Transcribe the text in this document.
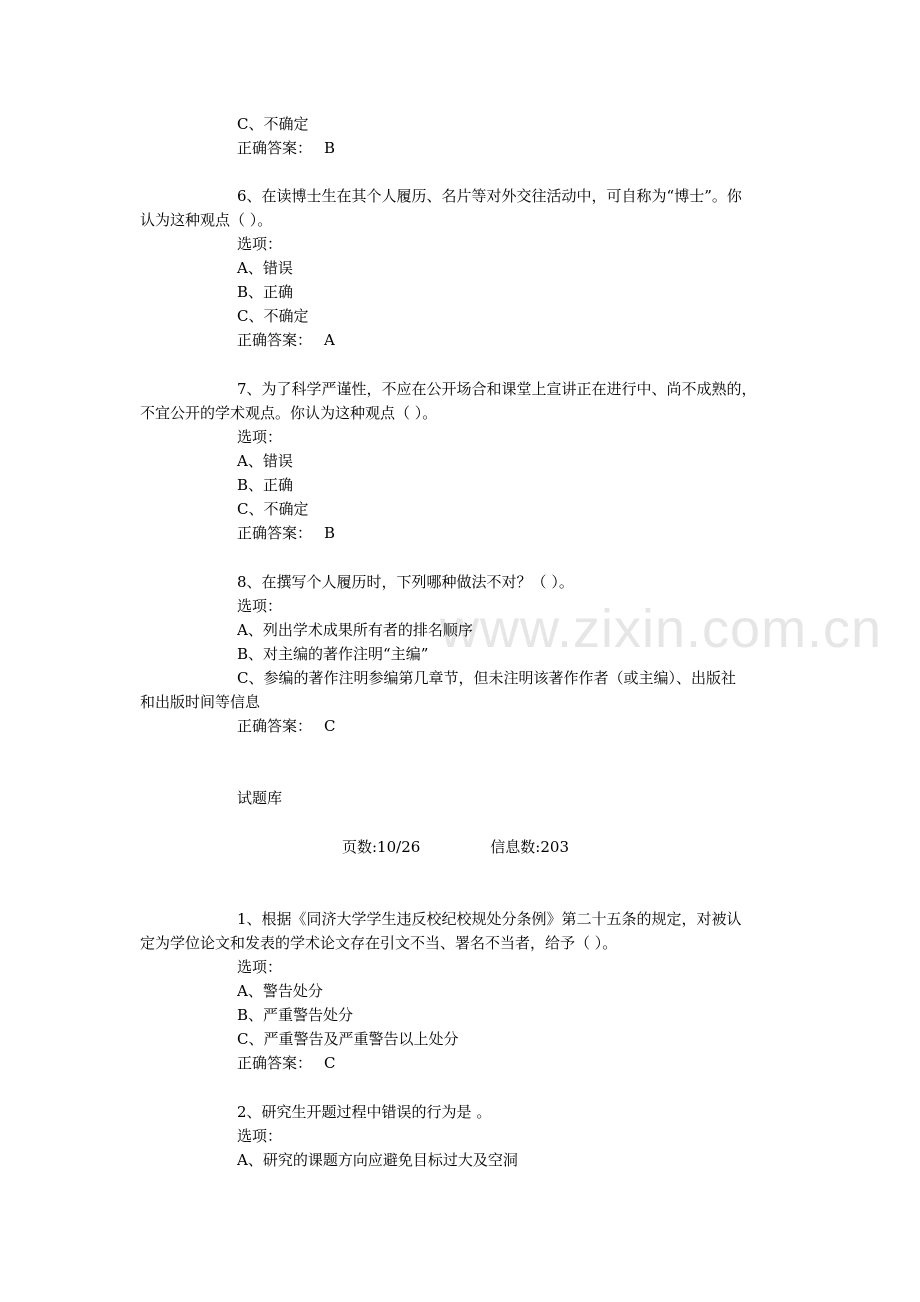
www.zixin.com.cn
C、不确定
正确答案： B
6、在读博士生在其个人履历、名片等对外交往活动中，可自称为“博士”。你
认为这种观点（ ）。
选项：
A、错误
B、正确
C、不确定
正确答案： A
7、为了科学严谨性，不应在公开场合和课堂上宣讲正在进行中、尚不成熟的，
不宜公开的学术观点。你认为这种观点（ ）。
选项：
A、错误
B、正确
C、不确定
正确答案： B
8、在撰写个人履历时，下列哪种做法不对？（ ）。
选项：
A、列出学术成果所有者的排名顺序
B、对主编的著作注明“主编”
C、参编的著作注明参编第几章节，但未注明该著作作者（或主编）、出版社
和出版时间等信息
正确答案： C
试题库
页数:10/26	信息数:203
1、根据《同济大学学生违反校纪校规处分条例》第二十五条的规定，对被认
定为学位论文和发表的学术论文存在引文不当、署名不当者，给予（ ）。
选项：
A、警告处分
B、严重警告处分
C、严重警告及严重警告以上处分
正确答案： C
2、研究生开题过程中错误的行为是 。
选项：
A、研究的课题方向应避免目标过大及空洞
